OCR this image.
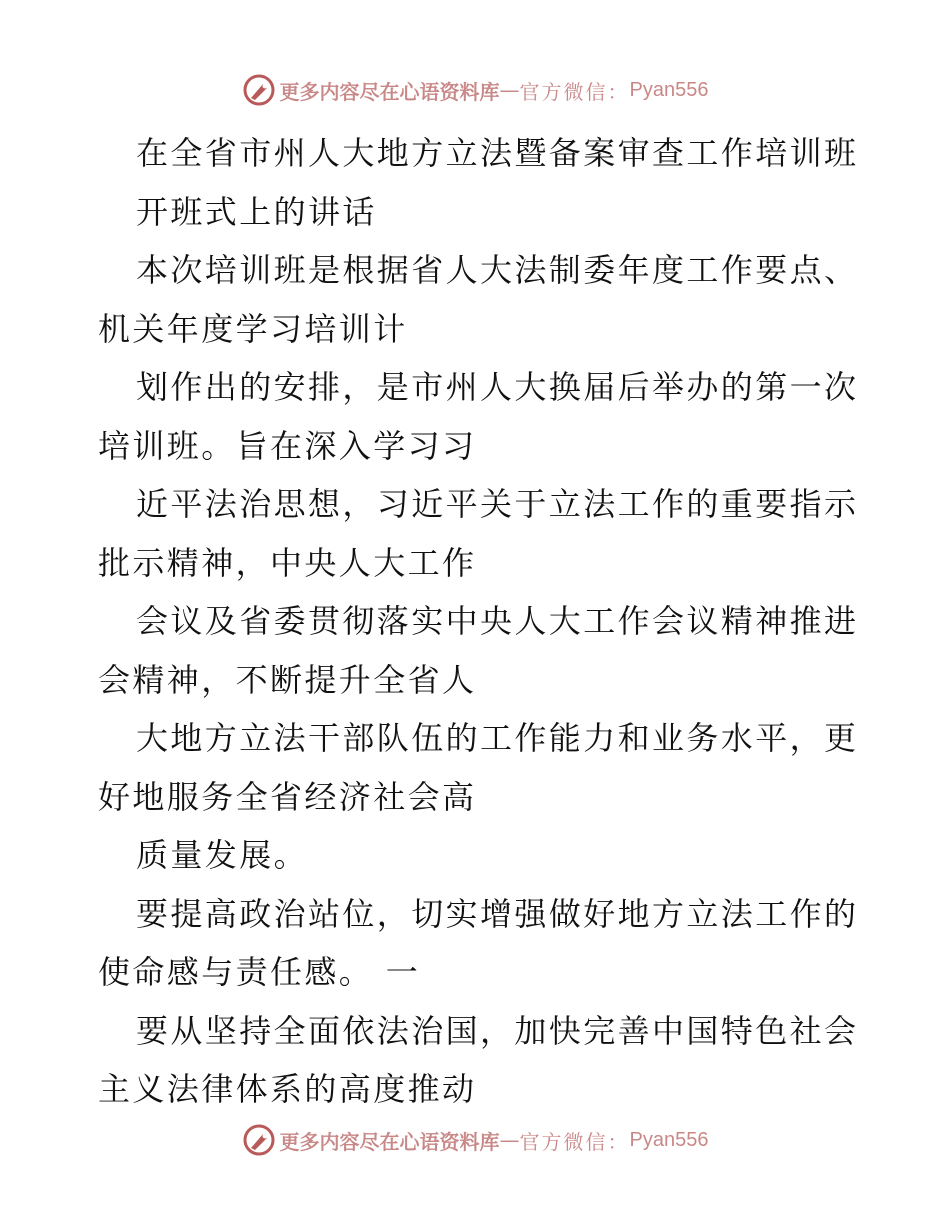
更多内容尽在心语资料库 — 官方微信 ： Pyan556
在全省市州人大地方立法暨备案审查工作培训班
开班式上的讲话
本次培训班是根据省人大法制委年度工作要点、
机关年度学习培训计
划作出的安排，是市州人大换届后举办的第一次
培训班。旨在深入学习习
近平法治思想，习近平关于立法工作的重要指示
批示精神，中央人大工作
会议及省委贯彻落实中央人大工作会议精神推进
会精神，不断提升全省人
大地方立法干部队伍的工作能力和业务水平，更
好地服务全省经济社会高
质量发展。
要提高政治站位，切实增强做好地方立法工作的
使命感与责任感。 一
要从坚持全面依法治国，加快完善中国特色社会
主义法律体系的高度推动
更多内容尽在心语资料库 — 官方微信 ： Pyan556
